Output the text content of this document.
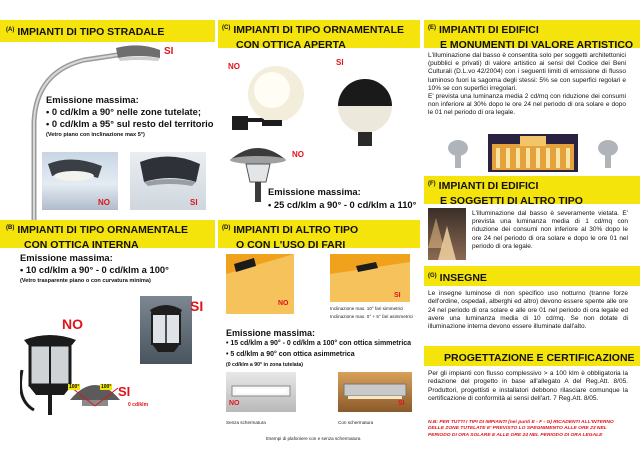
(A) IMPIANTI DI TIPO STRADALE
SI
Emissione massima:
• 0 cd/klm a 90° nelle zone tutelate;
• 0 cd/klm a 95° sul resto del territorio
(Vetro piano con inclinazione max 5°)
NO	SI
(B) IMPIANTI DI TIPO ORNAMENTALE
CON OTTICA INTERNA
Emissione massima:
• 10 cd/klm a 90° - 0 cd/klm a 100°
(Vetro trasparente piano o con curvatura minima)
NO
SI
100°	100°
0 cd/klm
SI
(C) IMPIANTI DI TIPO ORNAMENTALE
CON OTTICA APERTA
NO	SI
NO
Emissione massima:
• 25 cd/klm a 90° - 0 cd/klm a 110°
(D) IMPIANTI DI ALTRO TIPO
O CON L'USO DI FARI
NO
SI
Inclinazione max. 10° fari simmetrici
Inclinazione max. 0° + 5° fari asimmetrici
Emissione massima:
• 15 cd/klm a 90° - 0 cd/klm a 100° con ottica simmetrica
• 5 cd/klm a 90° con ottica asimmetrica
(0 cd/klm a 90° in zona tutelata)
NO	SI
Senza schermatura	Con schermatura
Esempi di plafoniere con e senza schermatura
(E) IMPIANTI DI EDIFICI
E MONUMENTI DI VALORE ARTISTICO
L'illuminazione dal basso è consentita solo per soggetti architettonici (pubblici e privati) di valore artistico ai sensi del Codice dei Beni Culturali (D.L.vo 42/2004) con i seguenti limiti di emissione di flusso luminoso fuori la sagoma degli stessi: 5% se con superfici regolari e 10% se con superfici irregolari.
E' prevista una luminanza media 2 cd/mq con riduzione dei consumi non inferiore al 30% dopo le ore 24 nel periodo di ora solare e dopo le 01 nel periodo di ora legale.
(F) IMPIANTI DI EDIFICI
E SOGGETTI DI ALTRO TIPO
L'illuminazione dal basso è severamente vietata. E' prevista una luminanza media di 1 cd/mq con riduzione dei consumi non inferiore al 30% dopo le ore 24 nel periodo di ora solare e dopo le ore 01 nel periodo di ora legale.
(G) INSEGNE
Le insegne luminose di non specifico uso notturno (tranne forze dell'ordine, ospedali, alberghi ed altro) devono essere spente alle ore 24 nel periodo di ora solare e alle ore 01 nel periodo di ora legale ed avere una luminanza media di 10 cd/mq. Se non dotate di illuminazione interna devono essere illuminate dall'alto.
PROGETTAZIONE E CERTIFICAZIONE
Per gli impianti con flusso complessivo > a 100 klm è obbligatoria la redazione del progetto in base all'allegato A del Reg.Att. 8/05. Produttori, progettisti e installatori debbono rilasciare comunque la certificazione di conformità ai sensi dell'art. 7 Reg.Att. 8/05.
N.B: PER TUTTI I TIPI DI IMPIANTI (nei punti E - F - G) RICADENTI ALL'INTERNO DELLE ZONE TUTELATE E' PREVISTO LO SPEGNIMENTO ALLE ORE 23 NEL PERIODO DI ORA SOLARE E ALLE ORE 24 NEL PERIODO DI ORA LEGALE
